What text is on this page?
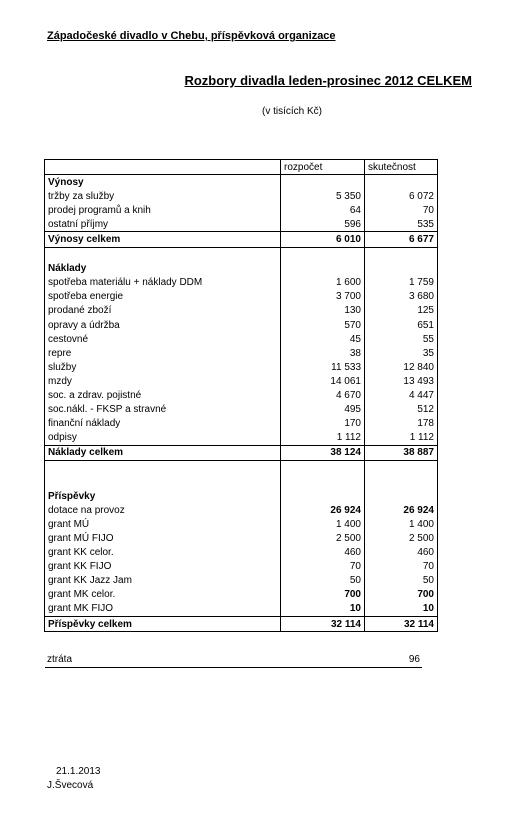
Západočeské divadlo v Chebu, příspěvková organizace
Rozbory divadla leden-prosinec 2012 CELKEM
(v tisících Kč)
	rozpočet	skutečnost
Výnosy		
tržby za služby	5 350	6 072
prodej programů a knih	64	70
ostatní příjmy	596	535
Výnosy celkem	6 010	6 677

Náklady		
spotřeba materiálu + náklady DDM	1 600	1 759
spotřeba energie	3 700	3 680
prodané zboží	130	125
opravy a údržba	570	651
cestovné	45	55
repre	38	35
služby	11 533	12 840
mzdy	14 061	13 493
soc. a zdrav. pojistné	4 670	4 447
soc.nákl. - FKSP a stravné	495	512
finanční náklady	170	178
odpisy	1 112	1 112
Náklady celkem	38 124	38 887

Příspěvky		
dotace na provoz	26 924	26 924
grant MÚ	1 400	1 400
grant MÚ FIJO	2 500	2 500
grant KK celor.	460	460
grant KK FIJO	70	70
grant KK Jazz Jam	50	50
grant MK celor.	700	700
grant MK FIJO	10	10
Příspěvky celkem	32 114	32 114
ztráta	96
21.1.2013
J.Švecová
